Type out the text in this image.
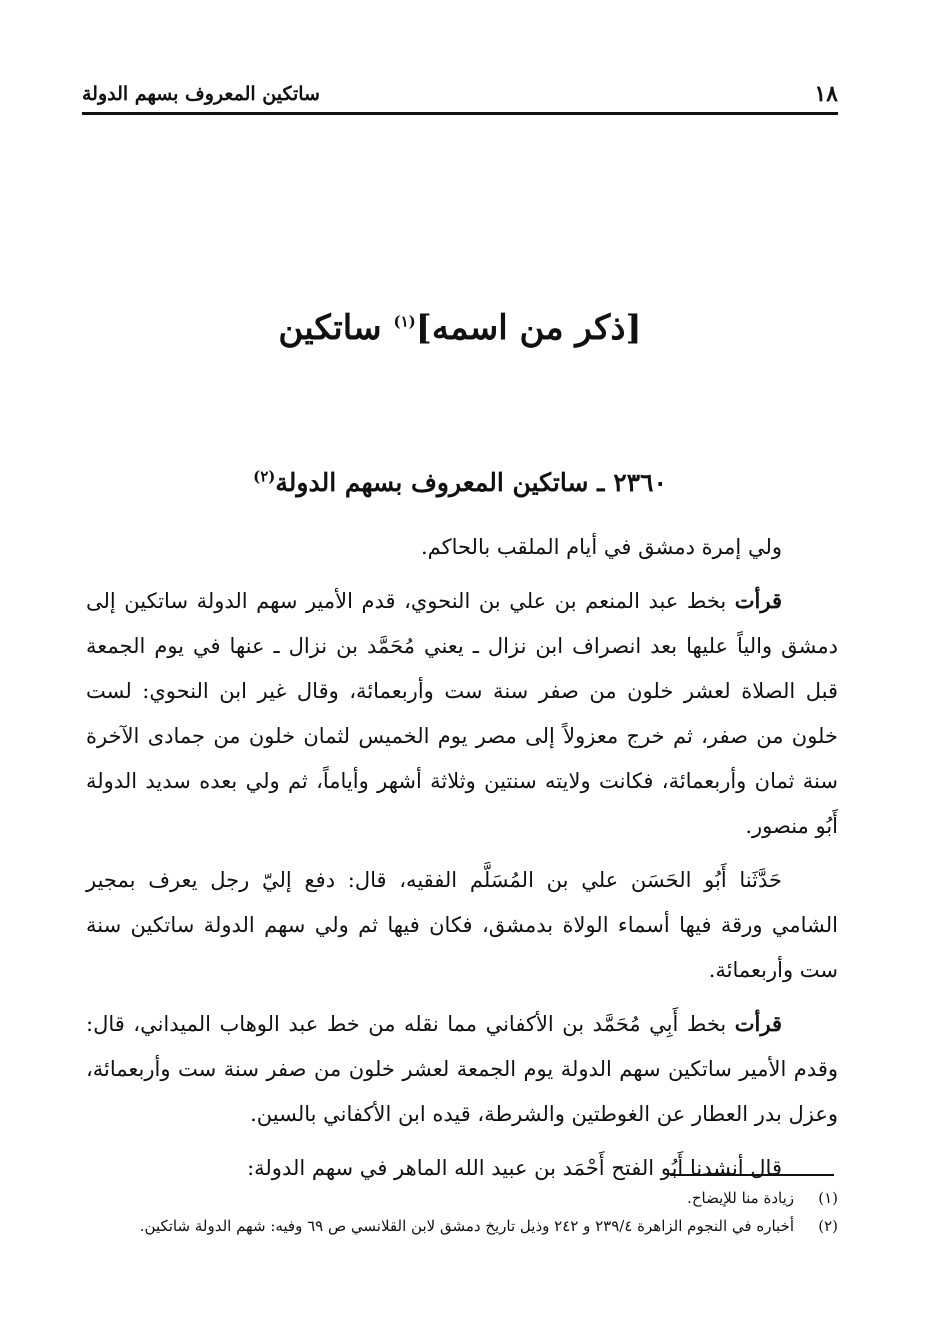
١٨
ساتكين المعروف بسهم الدولة
[ذكر من اسمه]$^{(١)}$ ساتكين
٢٣٦٠ ـ ساتكين المعروف بسهم الدولة$^{(٢)}$

ولي إمرة دمشق في أيام الملقب بالحاكم.

قرأت بخط عبد المنعم بن علي بن النحوي، قدم الأمير سهم الدولة ساتكين إلى دمشق والياً عليها بعد انصراف ابن نزال ـ يعني مُحَمَّد بن نزال ـ عنها في يوم الجمعة قبل الصلاة لعشر خلون من صفر سنة ست وأربعمائة، وقال غير ابن النحوي: لست خلون من صفر، ثم خرج معزولاً إلى مصر يوم الخميس لثمان خلون من جمادى الآخرة سنة ثمان وأربعمائة، فكانت ولايته سنتين وثلاثة أشهر وأياماً، ثم ولي بعده سديد الدولة أَبُو منصور.

حَدَّثَنا أَبُو الحَسَن علي بن المُسَلَّم الفقيه، قال: دفع إليّ رجل يعرف بمجير الشامي ورقة فيها أسماء الولاة بدمشق، فكان فيها ثم ولي سهم الدولة ساتكين سنة ست وأربعمائة.

قرأت بخط أَبِي مُحَمَّد بن الأكفاني مما نقله من خط عبد الوهاب الميداني، قال: وقدم الأمير ساتكين سهم الدولة يوم الجمعة لعشر خلون من صفر سنة ست وأربعمائة، وعزل بدر العطار عن الغوطتين والشرطة، قيده ابن الأكفاني بالسين.

قال أنشدنا أَبُو الفتح أَحْمَد بن عبيد الله الماهر في سهم الدولة:

(١)
زيادة منا للإيضاح.
(٢)
أخباره في النجوم الزاهرة ٢٣٩/٤ و ٢٤٢ وذيل تاريخ دمشق لابن القلانسي ص ٦٩ وفيه: شهم الدولة شاتكين.
